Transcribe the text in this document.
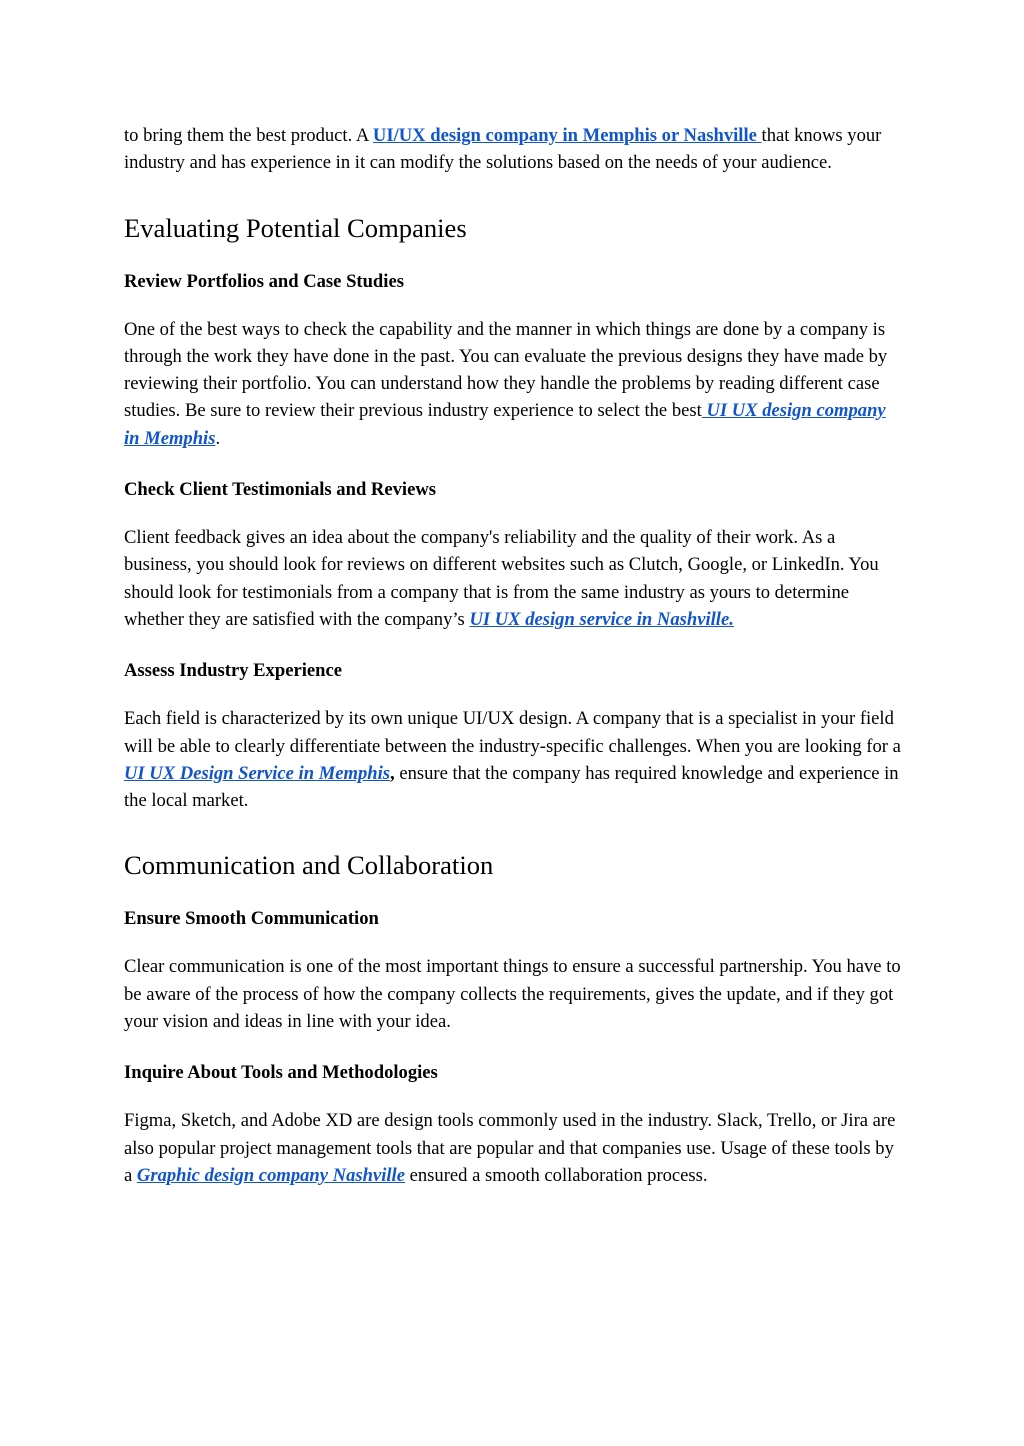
to bring them the best product. A UI/UX design company in Memphis or Nashville that knows your industry and has experience in it can modify the solutions based on the needs of your audience.

Evaluating Potential Companies
Review Portfolios and Case Studies

One of the best ways to check the capability and the manner in which things are done by a company is through the work they have done in the past. You can evaluate the previous designs they have made by reviewing their portfolio. You can understand how they handle the problems by reading different case studies. Be sure to review their previous industry experience to select the best UI UX design company in Memphis.

Check Client Testimonials and Reviews

Client feedback gives an idea about the company's reliability and the quality of their work. As a business, you should look for reviews on different websites such as Clutch, Google, or LinkedIn. You should look for testimonials from a company that is from the same industry as yours to determine whether they are satisfied with the company’s UI UX design service in Nashville.

Assess Industry Experience

Each field is characterized by its own unique UI/UX design. A company that is a specialist in your field will be able to clearly differentiate between the industry-specific challenges. When you are looking for a UI UX Design Service in Memphis, ensure that the company has required knowledge and experience in the local market.

Communication and Collaboration
Ensure Smooth Communication

Clear communication is one of the most important things to ensure a successful partnership. You have to be aware of the process of how the company collects the requirements, gives the update, and if they got your vision and ideas in line with your idea.

Inquire About Tools and Methodologies

Figma, Sketch, and Adobe XD are design tools commonly used in the industry. Slack, Trello, or Jira are also popular project management tools that are popular and that companies use. Usage of these tools by a Graphic design company Nashville ensured a smooth collaboration process.
